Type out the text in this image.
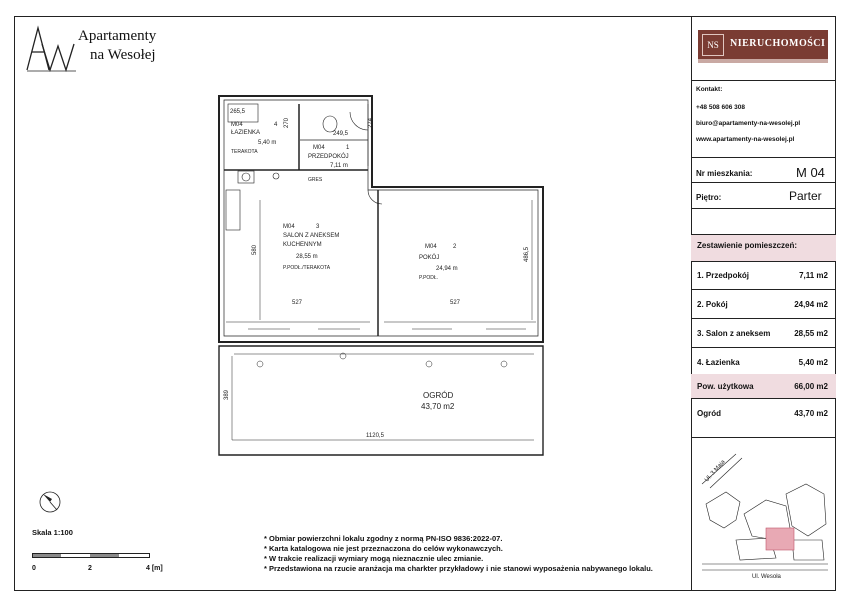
Apartamenty
na Wesołej
265,5
249,5
270	274
580	486,5
527	527
1120,5
389
M04	4
ŁAZIENKA
5,40 m
TERAKOTA
M04	1
PRZEDPOKÓJ
7,11 m
GRES
M04	3
SALON Z ANEKSEM
KUCHENNYM
28,55 m
P.PODŁ./TERAKOTA
M04	2
POKÓJ
24,94 m
P.PODŁ.
OGRÓD
43,70 m2
NS	NIERUCHOMOŚCI
Kontakt:
+48 508 606 308
biuro@apartamenty-na-wesolej.pl
www.apartamenty-na-wesolej.pl
Nr mieszkania:	M 04
Piętro:	Parter
Zestawienie pomieszczeń:
1. Przedpokój	7,11 m2
2. Pokój	24,94 m2
3. Salon z aneksem	28,55 m2
4. Łazienka	5,40 m2
Pow. użytkowa	66,00 m2
Ogród	43,70 m2
Ul. 3 Maja
Ul. Wesoła
Skala 1:100
0	2	4 [m]
* Obmiar powierzchni lokalu zgodny z normą PN-ISO 9836:2022-07.
* Karta katalogowa nie jest przeznaczona do celów wykonawczych.
* W trakcie realizacji wymiary mogą nieznacznie ulec zmianie.
* Przedstawiona na rzucie aranżacja ma charkter przykładowy i nie stanowi wyposażenia nabywanego lokalu.
